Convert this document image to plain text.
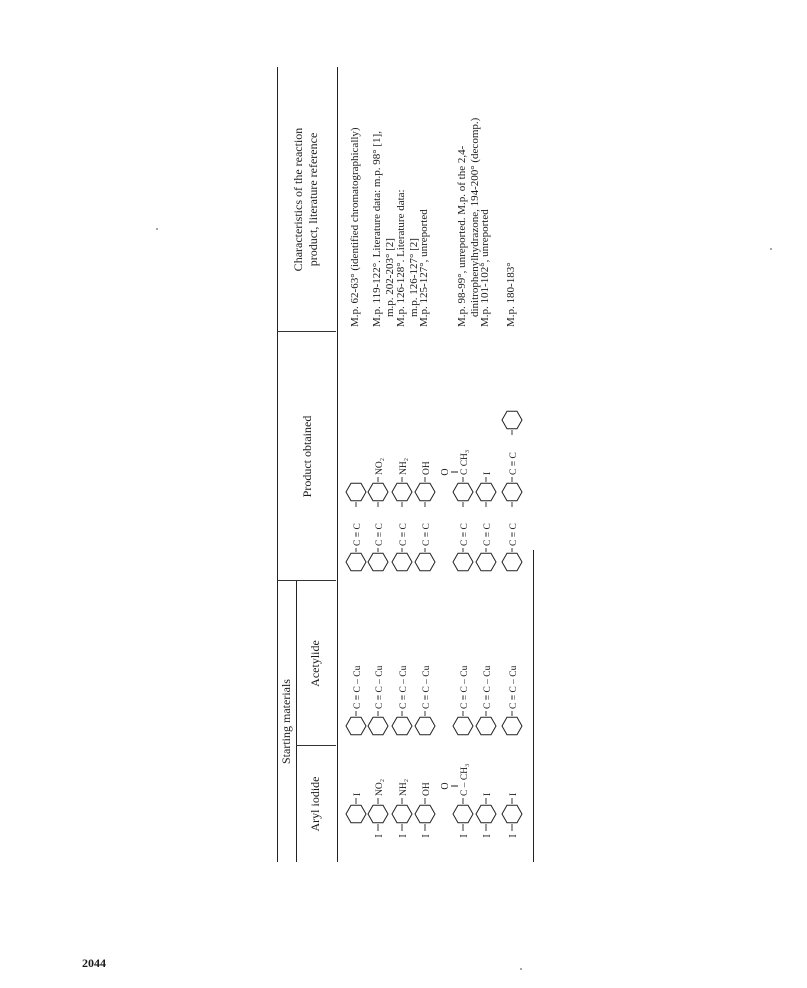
2044
Starting materials
Aryl iodide
Acetylide
Product obtained
Characteristics of the reaction product, literature reference
I
C ≡ C – Cu
C ≡ C
I
NO₂
C ≡ C – Cu
C ≡ C
NO₂
I
NH₂
C ≡ C – Cu
C ≡ C
NH₂
I
OH
C ≡ C – Cu
C ≡ C
OH
I
O ‖ C – CH₃
C ≡ C – Cu
C ≡ C
O ‖ C CH₃
I
I
C ≡ C – Cu
C ≡ C
I
I
I
C ≡ C – Cu
C ≡ C
C ≡ C
M.p. 62-63° (identified chromatographically) M.p. 119-122°. Literature data: m.p. 98° [1], m.p. 202-203° [2] M.p. 126-128°. Literature data: m.p. 126-127° [2]
M.p. 125-127°, unreported M.p. 98-99°, unreported. M.p. of the 2,4- dinitrophenylhydrazone, 194-200° (decomp.)
M.p. 101-102°, unreported M.p. 180-183°
